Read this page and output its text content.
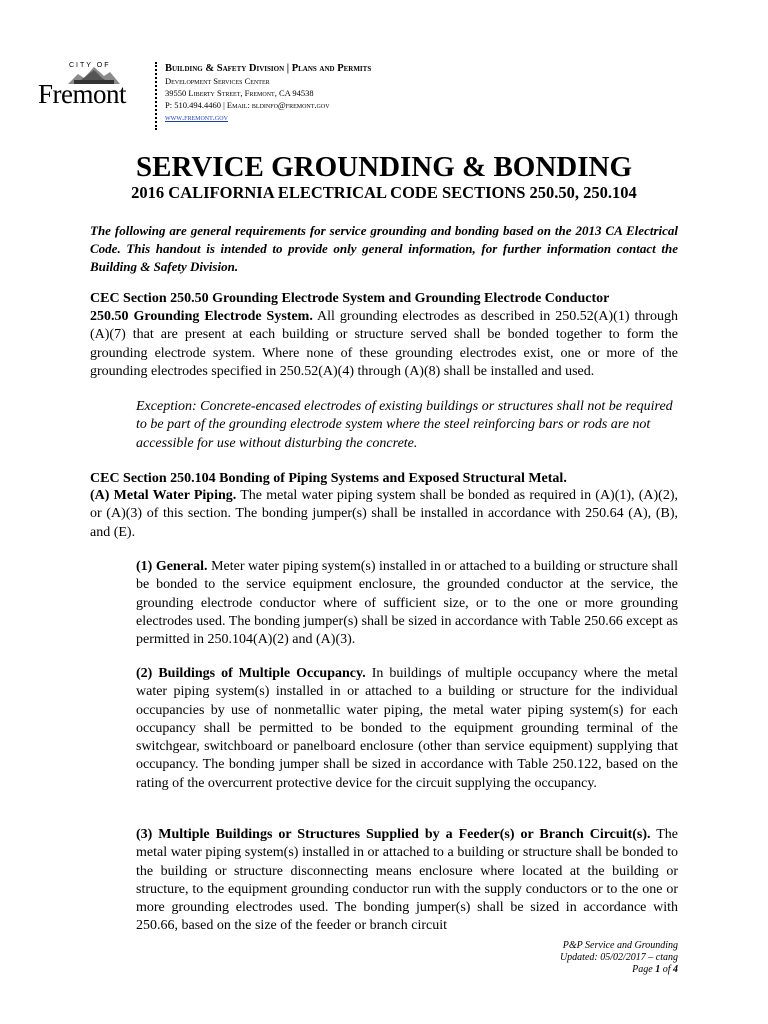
CITY OF
Fremont
Building & Safety Division | Plans and Permits
Development Services Center
39550 Liberty Street, Fremont, CA 94538
P: 510.494.4460 | Email: bldinfo@fremont.gov
www.fremont.gov
SERVICE GROUNDING & BONDING
2016 CALIFORNIA ELECTRICAL CODE SECTIONS 250.50, 250.104
The following are general requirements for service grounding and bonding based on the 2013 CA Electrical Code. This handout is intended to provide only general information, for further information contact the Building & Safety Division.
CEC Section 250.50 Grounding Electrode System and Grounding Electrode Conductor
250.50 Grounding Electrode System. All grounding electrodes as described in 250.52(A)(1) through (A)(7) that are present at each building or structure served shall be bonded together to form the grounding electrode system. Where none of these grounding electrodes exist, one or more of the grounding electrodes specified in 250.52(A)(4) through (A)(8) shall be installed and used.
Exception: Concrete-encased electrodes of existing buildings or structures shall not be required to be part of the grounding electrode system where the steel reinforcing bars or rods are not accessible for use without disturbing the concrete.
CEC Section 250.104 Bonding of Piping Systems and Exposed Structural Metal.
(A) Metal Water Piping. The metal water piping system shall be bonded as required in (A)(1), (A)(2), or (A)(3) of this section. The bonding jumper(s) shall be installed in accordance with 250.64 (A), (B), and (E).
(1) General. Meter water piping system(s) installed in or attached to a building or structure shall be bonded to the service equipment enclosure, the grounded conductor at the service, the grounding electrode conductor where of sufficient size, or to the one or more grounding electrodes used. The bonding jumper(s) shall be sized in accordance with Table 250.66 except as permitted in 250.104(A)(2) and (A)(3).
(2) Buildings of Multiple Occupancy. In buildings of multiple occupancy where the metal water piping system(s) installed in or attached to a building or structure for the individual occupancies by use of nonmetallic water piping, the metal water piping system(s) for each occupancy shall be permitted to be bonded to the equipment grounding terminal of the switchgear, switchboard or panelboard enclosure (other than service equipment) supplying that occupancy. The bonding jumper shall be sized in accordance with Table 250.122, based on the rating of the overcurrent protective device for the circuit supplying the occupancy.
(3) Multiple Buildings or Structures Supplied by a Feeder(s) or Branch Circuit(s). The metal water piping system(s) installed in or attached to a building or structure shall be bonded to the building or structure disconnecting means enclosure where located at the building or structure, to the equipment grounding conductor run with the supply conductors or to the one or more grounding electrodes used. The bonding jumper(s) shall be sized in accordance with 250.66, based on the size of the feeder or branch circuit
P&P Service and Grounding
Updated: 05/02/2017 – ctang
Page 1 of 4
